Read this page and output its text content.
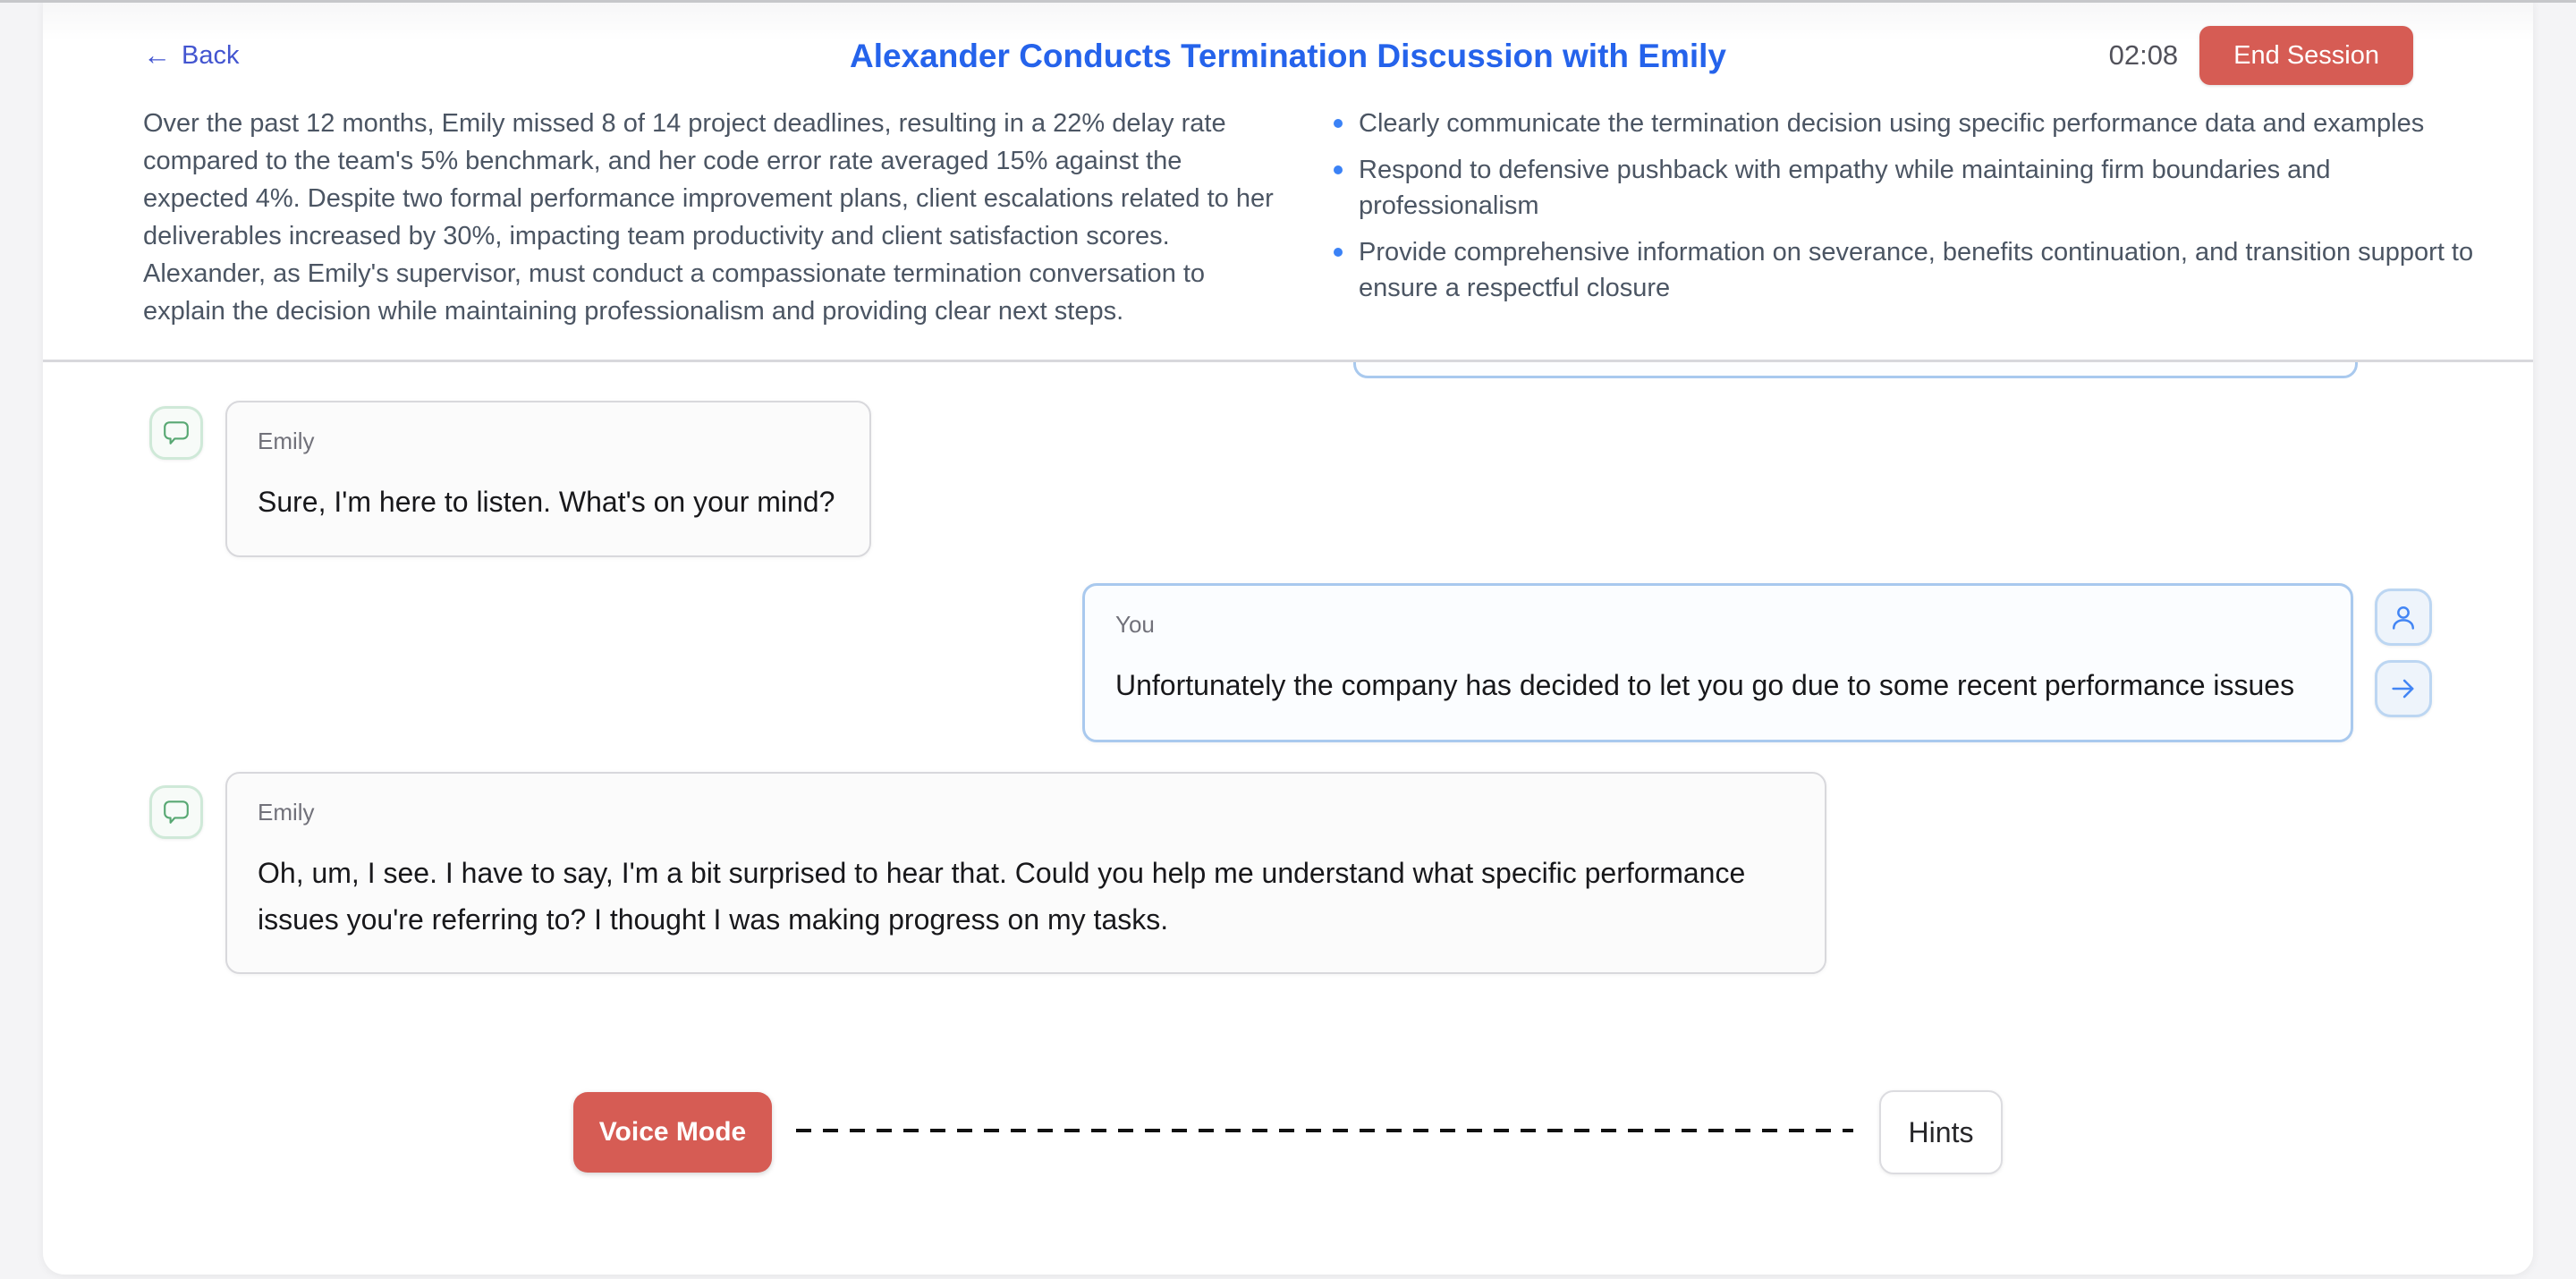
← Back	Alexander Conducts Termination Discussion with Emily	02:08	End Session
Over the past 12 months, Emily missed 8 of 14 project deadlines, resulting in a 22% delay rate compared to the team's 5% benchmark, and her code error rate averaged 15% against the expected 4%. Despite two formal performance improvement plans, client escalations related to her deliverables increased by 30%, impacting team productivity and client satisfaction scores. Alexander, as Emily's supervisor, must conduct a compassionate termination conversation to explain the decision while maintaining professionalism and providing clear next steps.
Clearly communicate the termination decision using specific performance data and examples
Respond to defensive pushback with empathy while maintaining firm boundaries and professionalism
Provide comprehensive information on severance, benefits continuation, and transition support to ensure a respectful closure
Emily
Sure, I'm here to listen. What's on your mind?
You
Unfortunately the company has decided to let you go due to some recent performance issues
Emily
Oh, um, I see. I have to say, I'm a bit surprised to hear that. Could you help me understand what specific performance issues you're referring to? I thought I was making progress on my tasks.
Voice Mode	Hints
